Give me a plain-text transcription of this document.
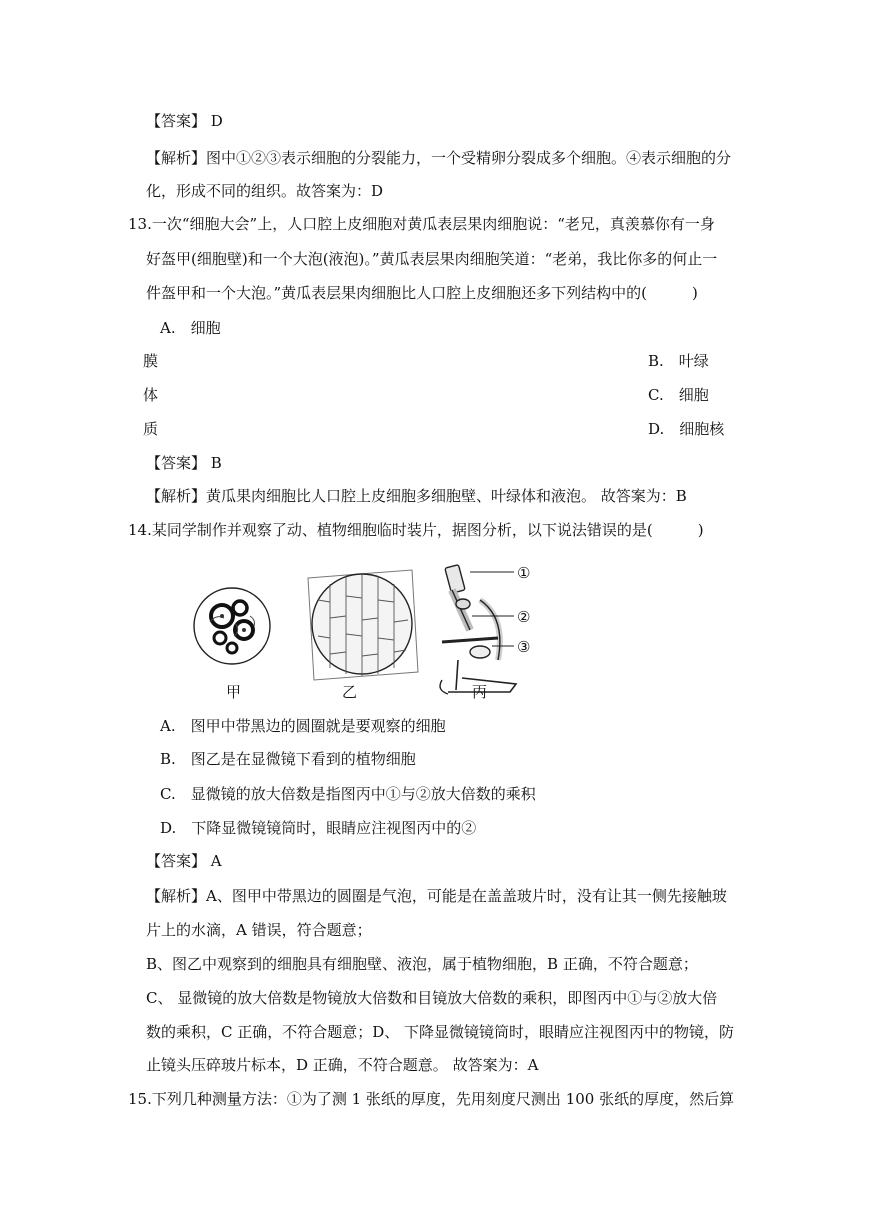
【答案】 D
【解析】图中①②③表示细胞的分裂能力，一个受精卵分裂成多个细胞。④表示细胞的分
化，形成不同的组织。故答案为：D
13.一次“细胞大会”上，人口腔上皮细胞对黄瓜表层果肉细胞说：“老兄，真羡慕你有一身
好盔甲(细胞壁)和一个大泡(液泡)。”黄瓜表层果肉细胞笑道：“老弟，我比你多的何止一
件盔甲和一个大泡。”黄瓜表层果肉细胞比人口腔上皮细胞还多下列结构中的(　　　)
A.　细胞
膜	B.　叶绿
体	C.　细胞
质	D.　细胞核
【答案】 B
【解析】黄瓜果肉细胞比人口腔上皮细胞多细胞壁、叶绿体和液泡。 故答案为：B
14.某同学制作并观察了动、植物细胞临时装片，据图分析，以下说法错误的是(　　　)
①
②
③
甲	乙	丙
A.　图甲中带黑边的圆圈就是要观察的细胞
B.　图乙是在显微镜下看到的植物细胞
C.　显微镜的放大倍数是指图丙中①与②放大倍数的乘积
D.　下降显微镜镜筒时，眼睛应注视图丙中的②
【答案】 A
【解析】A、图甲中带黑边的圆圈是气泡，可能是在盖盖玻片时，没有让其一侧先接触玻
片上的水滴，A 错误，符合题意；
B、图乙中观察到的细胞具有细胞壁、液泡，属于植物细胞，B 正确，不符合题意；
C、 显微镜的放大倍数是物镜放大倍数和目镜放大倍数的乘积，即图丙中①与②放大倍
数的乘积，C 正确，不符合题意；D、 下降显微镜镜筒时，眼睛应注视图丙中的物镜，防
止镜头压碎玻片标本，D 正确，不符合题意。 故答案为：A
15.下列几种测量方法：①为了测 1 张纸的厚度，先用刻度尺测出 100 张纸的厚度，然后算
